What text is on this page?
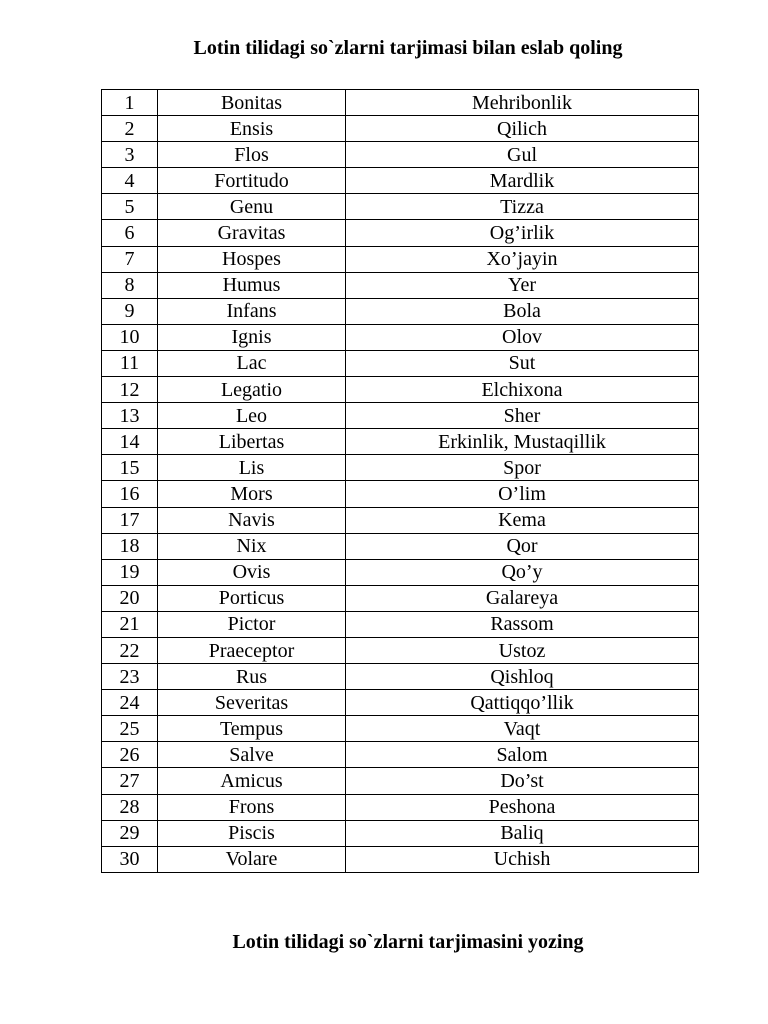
Lotin tilidagi so`zlarni tarjimasi bilan eslab qoling
1	Bonitas	Mehribonlik
2	Ensis	Qilich
3	Flos	Gul
4	Fortitudo	Mardlik
5	Genu	Tizza
6	Gravitas	Og’irlik
7	Hospes	Xo’jayin
8	Humus	Yer
9	Infans	Bola
10	Ignis	Olov
11	Lac	Sut
12	Legatio	Elchixona
13	Leo	Sher
14	Libertas	Erkinlik, Mustaqillik
15	Lis	Spor
16	Mors	O’lim
17	Navis	Kema
18	Nix	Qor
19	Ovis	Qo’y
20	Porticus	Galareya
21	Pictor	Rassom
22	Praeceptor	Ustoz
23	Rus	Qishloq
24	Severitas	Qattiqqo’llik
25	Tempus	Vaqt
26	Salve	Salom
27	Amicus	Do’st
28	Frons	Peshona
29	Piscis	Baliq
30	Volare	Uchish
Lotin tilidagi so`zlarni tarjimasini yozing
